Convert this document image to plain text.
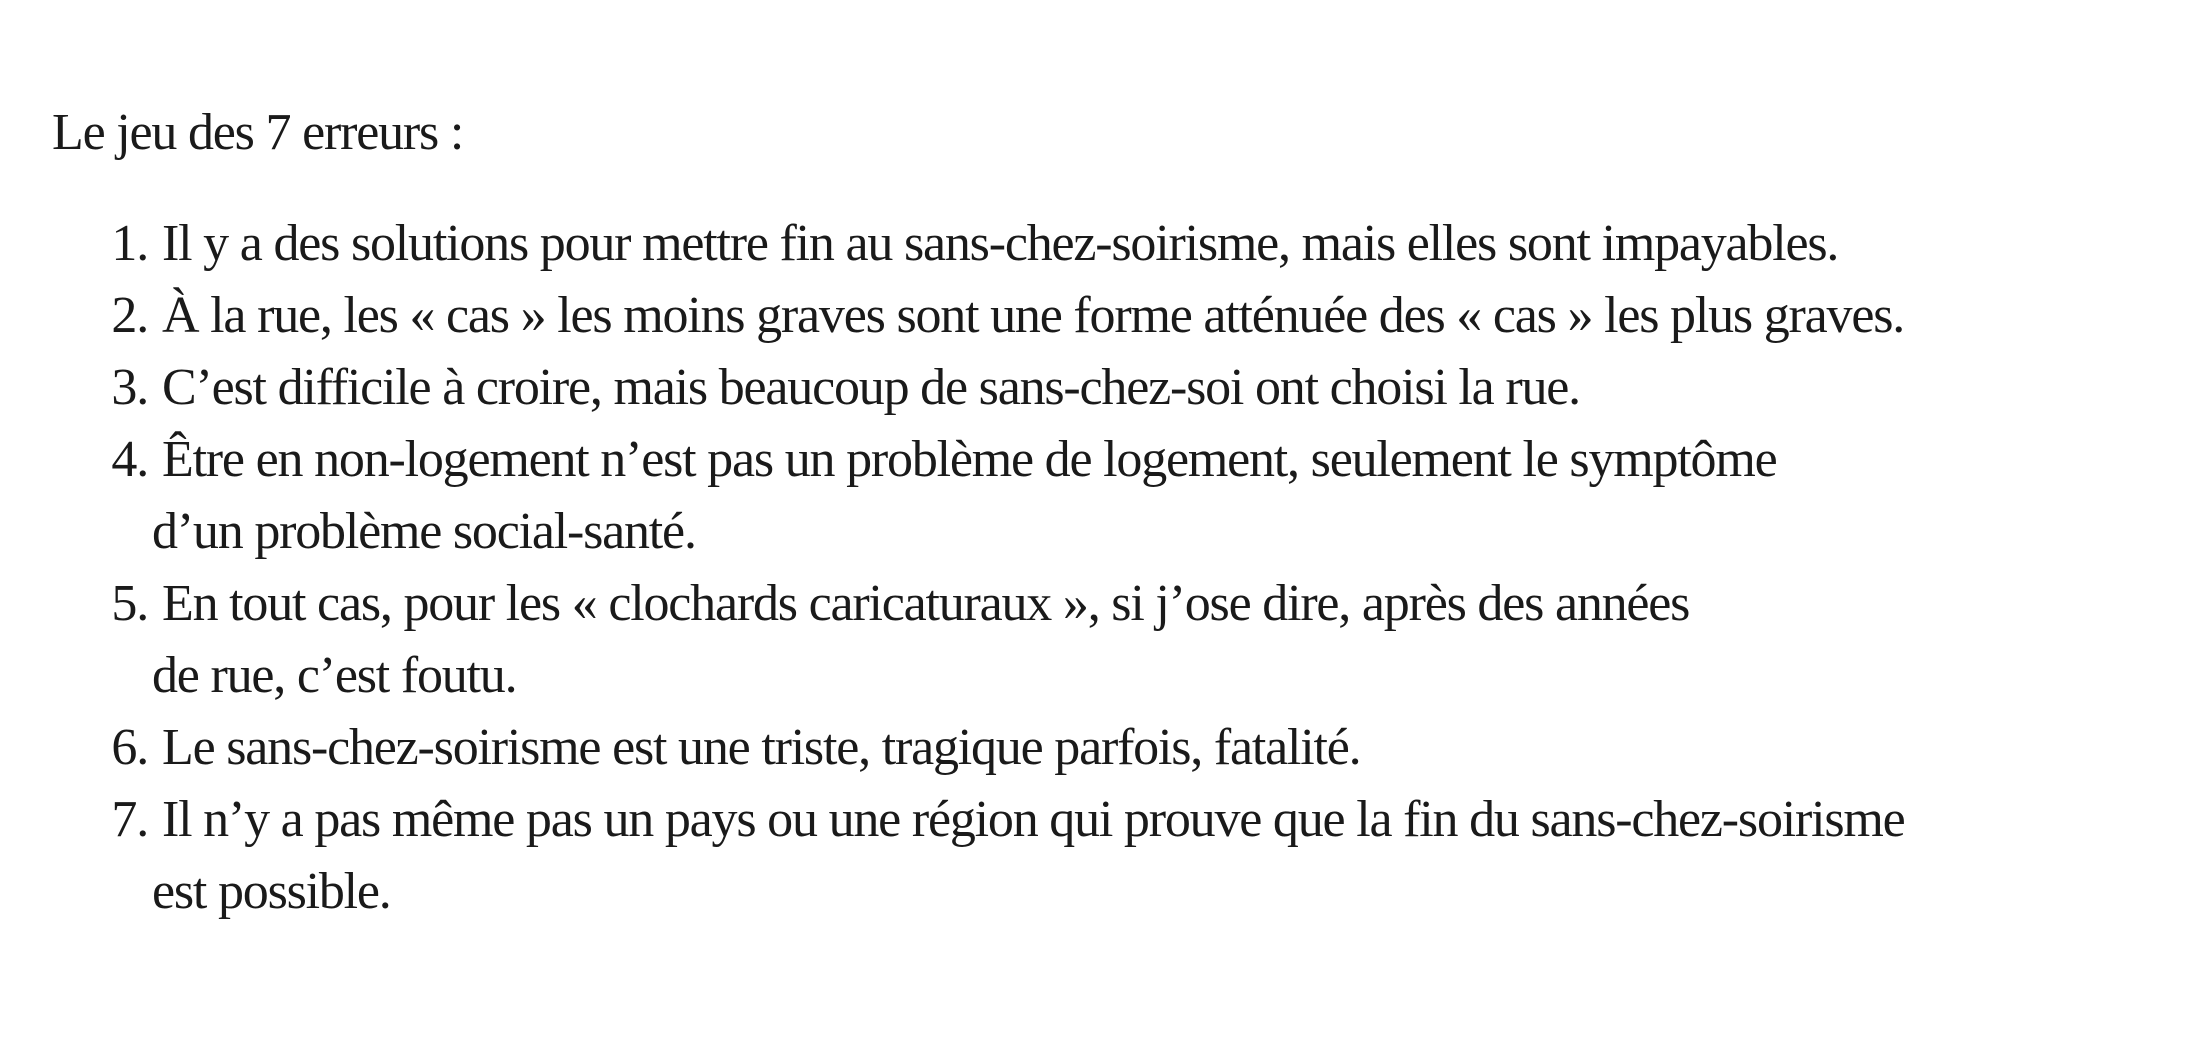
Le jeu des 7 erreurs :

1. Il y a des solutions pour mettre fin au sans-chez-soirisme, mais elles sont impayables.
2. À la rue, les « cas » les moins graves sont une forme atténuée des « cas » les plus graves.
3. C’est difficile à croire, mais beaucoup de sans-chez-soi ont choisi la rue.
4. Être en non-logement n’est pas un problème de logement, seulement le symptôme
d’un problème social-santé.
5. En tout cas, pour les « clochards caricaturaux », si j’ose dire, après des années
de rue, c’est foutu.
6. Le sans-chez-soirisme est une triste, tragique parfois, fatalité.
7. Il n’y a pas même pas un pays ou une région qui prouve que la fin du sans-chez-soirisme
est possible.
